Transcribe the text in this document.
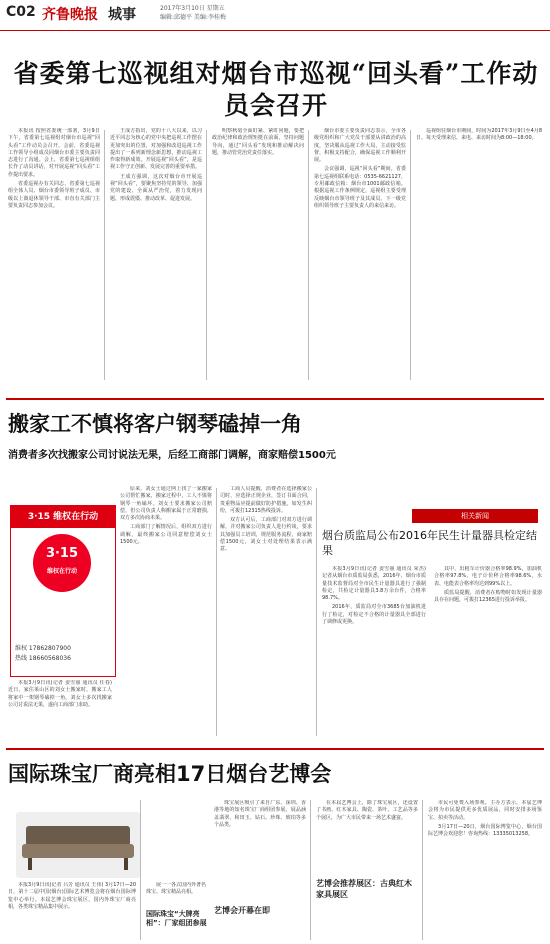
C02 齐鲁晚报 城事	2017年3月10日 星期五
编辑:邱德平 美编:李桂梅
省委第七巡视组对烟台市巡视“回头看”工作动员会召开

本报讯 按照省委统一部署，3月9日下午，省委第七巡视组对烟台市巡视“回头看”工作动员会召开。会前，省委巡视工作领导小组成员同烟台市委主要负责同志进行了沟通。会上，省委第七巡视组组长作了动员讲话，对开展巡视“回头看”工作提出要求。

省委巡视办有关同志，省委第七巡视组全体人员、烟台市委领导班子成员、市级以上离退休领导干部、市直有关部门主要负责同志参加会议。

王成方指出，党的十八大以来，以习近平同志为核心的党中央把巡视工作摆在更加突出的位置，对加强和改进巡视工作提出了一系列新理念新思想，推动巡视工作取得新成效。开展巡视“回头看”，是巡视工作守正创新、发展完善的重要举措。

王成方强调，这次对烟台市开展巡视“回头看”，要聚焦坚持党的领导、加强党的建设、全面从严治党，着力发现问题、形成震慑、推动改革、促进发展。

明察秋毫全面盯紧、紧盯问题，要把政治纪律和政治规矩挺在前面，坚持问题导向，通过“回头看”发现和推动解决问题，推动管党治党责任落实。

烟台市委主要负责同志表示，全市各级党组织和广大党员干部要从讲政治的高度，坚决服从巡视工作大局，主动接受监督，积极支持配合，确保巡视工作顺利开展。

会议强调，巡视“回头看”期间，省委第七巡视组联系电话：0535-6621127，专用邮政信箱：烟台市1001邮政信箱。根据巡视工作条例规定，巡视组主要受理反映烟台市领导班子及其成员、下一级党组织领导班子主要负责人的来信来访。

巡视组驻烟台市期间，时间为2017年3月9日至4月8日。每天受理来信、来电、来访时间为8:00—18:00。

搬家工不慎将客户钢琴磕掉一角
消费者多次找搬家公司讨说法无果，后经工商部门调解，商家赔偿1500元
3·15 维权在行动
3·15
维权在行动
维权 17862807900
热线 18660568036

原来，刘女士通过网上找了一家搬家公司帮忙搬家，搬家过程中，工人不慎将钢琴一角磕坏。刘女士要求搬家公司赔偿，但公司负责人称搬家属于正常磨损，双方多次协商未果。

工商部门了解情况后，组织双方进行调解，最终搬家公司同意赔偿刘女士1500元。

本报3月9日讯(记者 姜雪丽 通讯员 任春)近日，家住莱山区的刘女士搬家时，搬家工人将家中一架钢琴磕掉一角。刘女士多次找搬家公司讨说法无果，遂向工商部门求助。

工商人员提醒，消费者在选择搬家公司时，应选择正规企业，签订书面合同，贵重物品应提前做好防护措施。如发生纠纷，可拨打12315热线投诉。

双方认可后，工商部门对双方进行调解，并对搬家公司负责人进行约谈，要求其加强员工培训，规范服务流程，商家赔偿1500元，刘女士对处理结果表示满意。

相关新闻
烟台质监局公布2016年民生计量器具检定结果

本报3月9日讯(记者 姜雪丽 通讯员 荣杰) 记者从烟台市质监局获悉，2016年，烟台市质量技术监督局对全市民生计量器具进行了强制检定，共检定计量器具3.8万余台件，合格率98.7%。

2016年，质监局对全市3685台加油机进行了检定，对检定不合格的计量器具全部进行了调修或更换。

其中，出租车计价器合格率98.9%，加油机合格率97.8%，电子计价秤合格率98.6%，水表、电能表合格率均达到99%以上。

质监局提醒，消费者在购物时如发现计量器具存在问题，可拨打12365进行投诉举报。

国际珠宝厂商亮相17日烟台艺博会

本报3月9日讯(记者 吕芳 通讯员 王伟) 3月17日—20日，第十二届中国(烟台)国际艺术博览会将在烟台国际博览中心举行。本届艺博会珠宝展区，国内外珠宝厂商亮相，各类珠宝精品集中展示。

展一一各式国内外著名珠宝、珠宝精品亮相。

国际珠宝“大牌亮相”：厂家组团参展

珠宝展区吸引了来自广东、深圳、香港等地的知名珠宝厂商组团参展，展品涵盖翡翠、和田玉、钻石、珍珠、琥珀等多个品类。

艺博会开幕在即

在本届艺博会上，除了珠宝展区，还设置了书画、红木家具、陶瓷、茶叶、工艺品等多个展区，为广大市民带来一场艺术盛宴。

艺博会推荐展区：古典红木家具展区

市民可免费入场参观。主办方表示，本届艺博会将为市民提供更多优质展品，同时安排多场鉴宝、拍卖等活动。

3月17日—20日，烟台国际博览中心，烟台国际艺博会欢迎您！咨询热线：13335013258。
